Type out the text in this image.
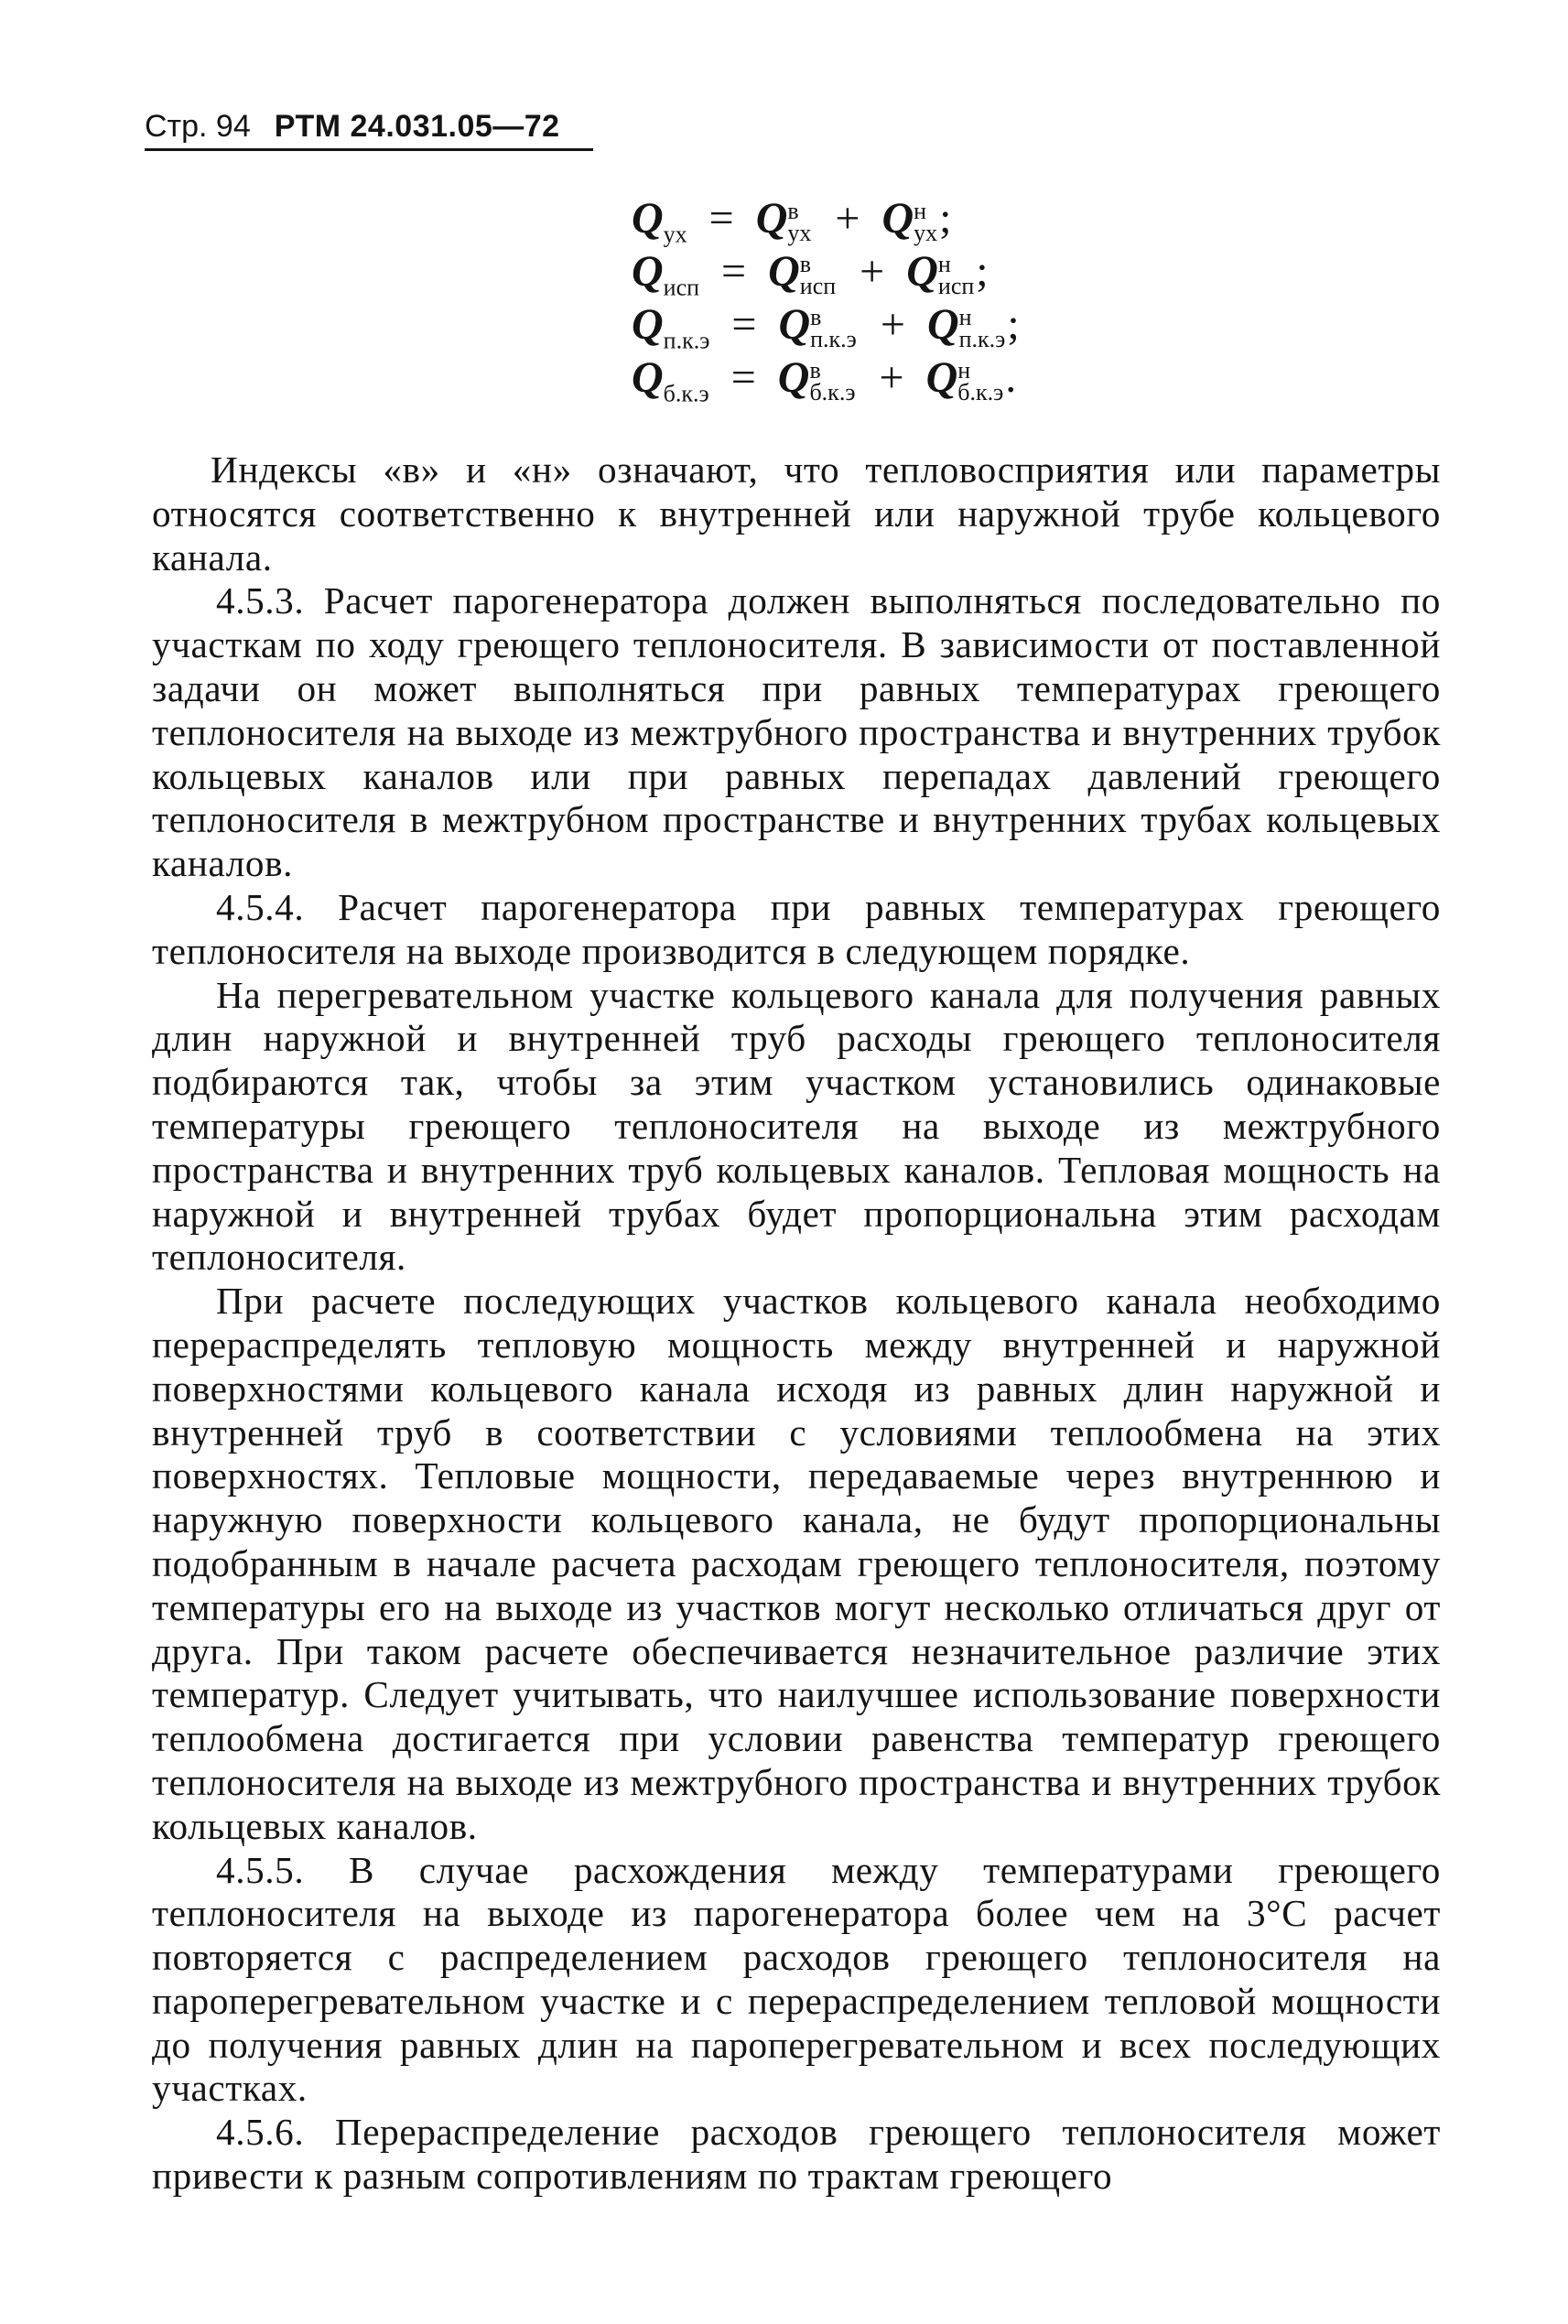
Стр. 94 РТМ 24.031.05—72
$Q_{ух} = Q$ в
ух + Q н
ух ;
$Q_{исп} = Q$ в
исп + Q н
исп ;
$Q_{п.к.э} = Q$ в
п.к.э + Q н
п.к.э ;
$Q_{б.к.э} = Q$ в
б.к.э + Q н
б.к.э .

Индексы «в» и «н» означают, что тепловосприятия или параметры относятся соответственно к внутренней или наружной трубе кольцевого канала.

4.5.3. Расчет парогенератора должен выполняться последовательно по участкам по ходу греющего теплоносителя. В зависимости от поставленной задачи он может выполняться при равных температурах греющего теплоносителя на выходе из межтрубного пространства и внутренних трубок кольцевых каналов или при равных перепадах давлений греющего теплоносителя в межтрубном пространстве и внутренних трубах кольцевых каналов.

4.5.4. Расчет парогенератора при равных температурах греющего теплоносителя на выходе производится в следующем порядке.

На перегревательном участке кольцевого канала для получения равных длин наружной и внутренней труб расходы греющего теплоносителя подбираются так, чтобы за этим участком установились одинаковые температуры греющего теплоносителя на выходе из межтрубного пространства и внутренних труб кольцевых каналов. Тепловая мощность на наружной и внутренней трубах будет пропорциональна этим расходам теплоносителя.

При расчете последующих участков кольцевого канала необходимо перераспределять тепловую мощность между внутренней и наружной поверхностями кольцевого канала исходя из равных длин наружной и внутренней труб в соответствии с условиями теплообмена на этих поверхностях. Тепловые мощности, передаваемые через внутреннюю и наружную поверхности кольцевого канала, не будут пропорциональны подобранным в начале расчета расходам греющего теплоносителя, поэтому температуры его на выходе из участков могут несколько отличаться друг от друга. При таком расчете обеспечивается незначительное различие этих температур. Следует учитывать, что наилучшее использование поверхности теплообмена достигается при условии равенства температур греющего теплоносителя на выходе из межтрубного пространства и внутренних трубок кольцевых каналов.

4.5.5. В случае расхождения между температурами греющего теплоносителя на выходе из парогенератора более чем на 3°C расчет повторяется с распределением расходов греющего теплоносителя на пароперегревательном участке и с перераспределением тепловой мощности до получения равных длин на пароперегревательном и всех последующих участках.

4.5.6. Перераспределение расходов греющего теплоносителя может привести к разным сопротивлениям по трактам греющего
